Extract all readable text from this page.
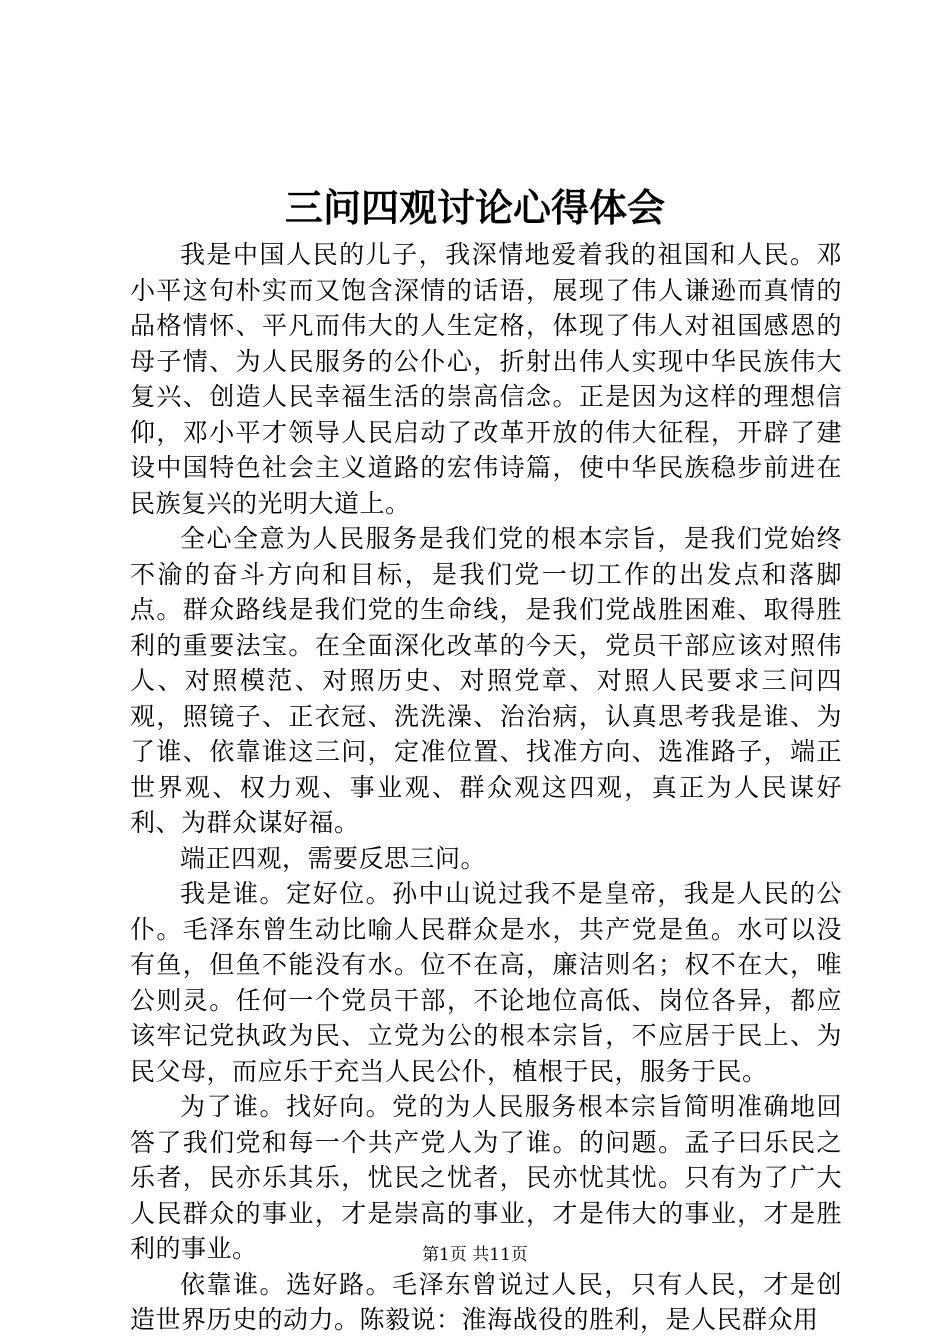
三问四观讨论心得体会

我是中国人民的儿子，我深情地爱着我的祖国和人民。邓小平这句朴实而又饱含深情的话语，展现了伟人谦逊而真情的品格情怀、平凡而伟大的人生定格，体现了伟人对祖国感恩的母子情、为人民服务的公仆心，折射出伟人实现中华民族伟大复兴、创造人民幸福生活的崇高信念。正是因为这样的理想信仰，邓小平才领导人民启动了改革开放的伟大征程，开辟了建设中国特色社会主义道路的宏伟诗篇，使中华民族稳步前进在民族复兴的光明大道上。

全心全意为人民服务是我们党的根本宗旨，是我们党始终不渝的奋斗方向和目标，是我们党一切工作的出发点和落脚点。群众路线是我们党的生命线，是我们党战胜困难、取得胜利的重要法宝。在全面深化改革的今天，党员干部应该对照伟人、对照模范、对照历史、对照党章、对照人民要求三问四观，照镜子、正衣冠、洗洗澡、治治病，认真思考我是谁、为了谁、依靠谁这三问，定准位置、找准方向、选准路子，端正世界观、权力观、事业观、群众观这四观，真正为人民谋好利、为群众谋好福。

端正四观，需要反思三问。

我是谁。定好位。孙中山说过我不是皇帝，我是人民的公仆。毛泽东曾生动比喻人民群众是水，共产党是鱼。水可以没有鱼，但鱼不能没有水。位不在高，廉洁则名；权不在大，唯公则灵。任何一个党员干部，不论地位高低、岗位各异，都应该牢记党执政为民、立党为公的根本宗旨，不应居于民上、为民父母，而应乐于充当人民公仆，植根于民，服务于民。

为了谁。找好向。党的为人民服务根本宗旨简明准确地回答了我们党和每一个共产党人为了谁。的问题。孟子曰乐民之乐者，民亦乐其乐，忧民之忧者，民亦忧其忧。只有为了广大人民群众的事业，才是崇高的事业，才是伟大的事业，才是胜利的事业。

依靠谁。选好路。毛泽东曾说过人民，只有人民，才是创造世界历史的动力。陈毅说：淮海战役的胜利，是人民群众用

第1页 共11页
